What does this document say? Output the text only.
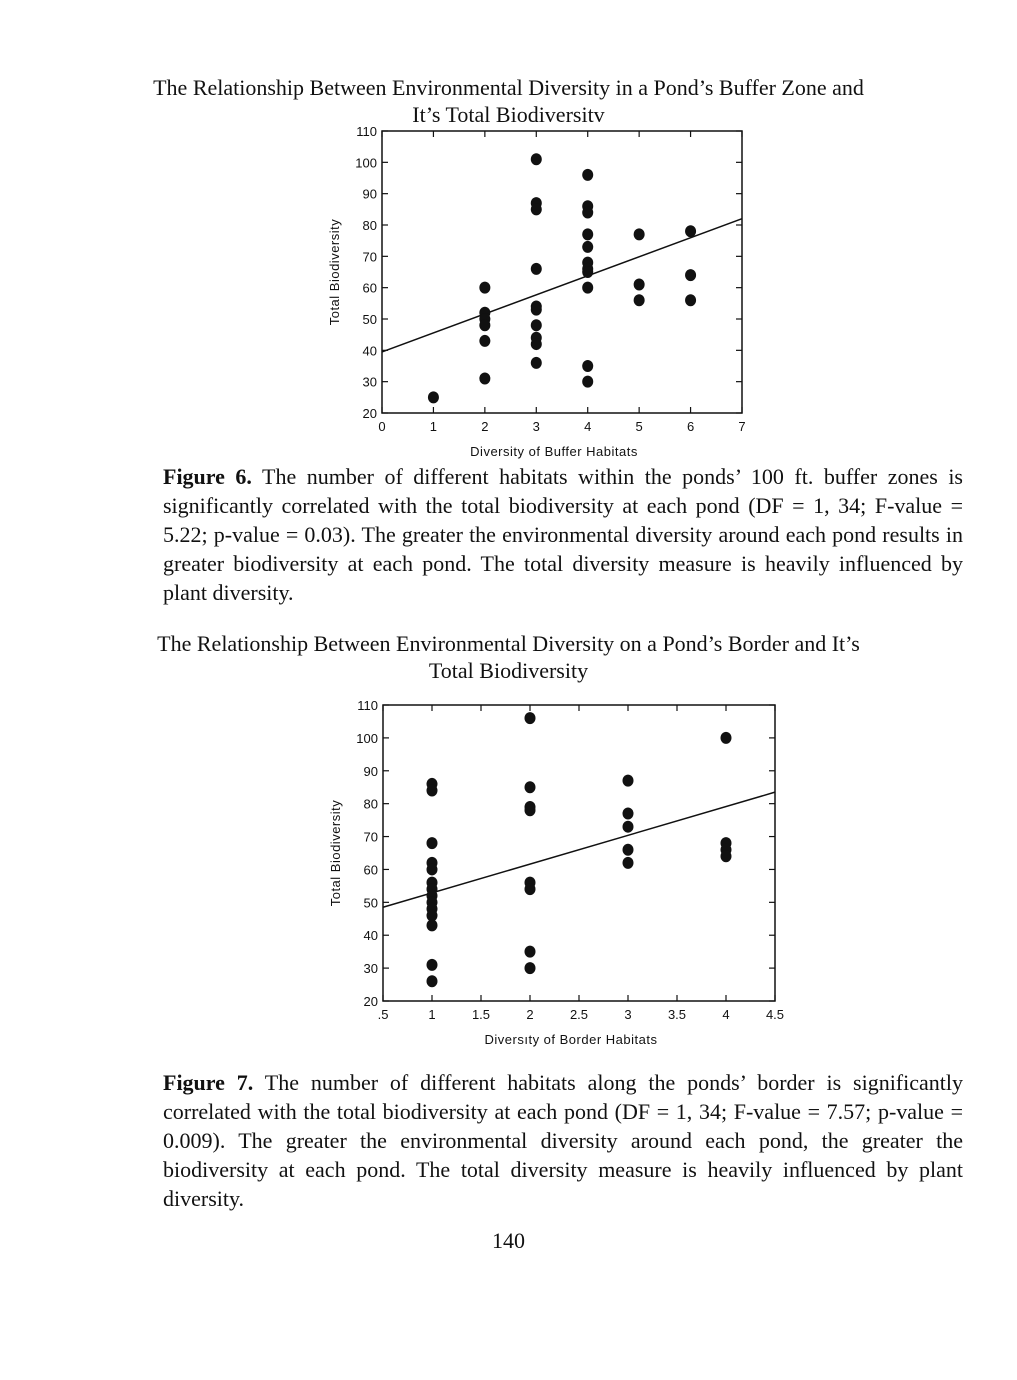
The Relationship Between Environmental Diversity in a Pond’s Buffer Zone and
It’s Total Biodiversitv
0	1	2	3	4	5	6	7
20
30
40
50
60
70
80
90
100
110
Diversity of Buffer Habitats
Total Biodiversity
Figure 6. The number of different habitats within the ponds’ 100 ft. buffer zones is significantly correlated with the total biodiversity at each pond (DF = 1, 34; F-value = 5.22; p-value = 0.03). The greater the environmental diversity around each pond results in greater biodiversity at each pond. The total diversity measure is heavily influenced by plant diversity.
The Relationship Between Environmental Diversity on a Pond’s Border and It’s
Total Biodiversity
.5	1	1.5	2	2.5	3	3.5	4	4.5
20
30
40
50
60
70
80
90
100
110
Diversıty of Border Habitats
Total Biodiversity
Figure 7. The number of different habitats along the ponds’ border is significantly correlated with the total biodiversity at each pond (DF = 1, 34; F-value = 7.57; p-value = 0.009). The greater the environmental diversity around each pond, the greater the biodiversity at each pond. The total diversity measure is heavily influenced by plant diversity.
140
